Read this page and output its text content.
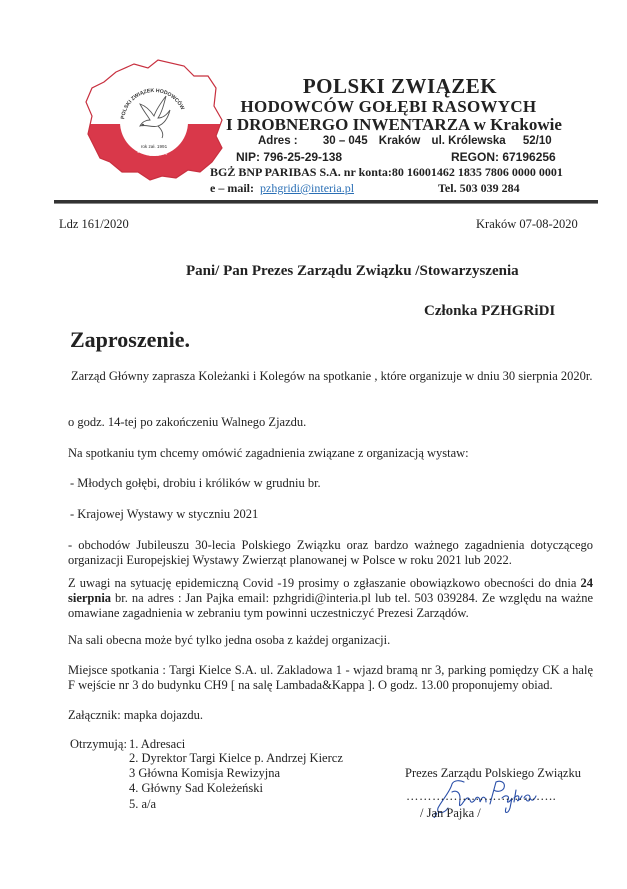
POLSKI ZWIĄZEK HODOWCÓW
Gołębi Rasowych i Drobnego Inwentarza
rok zał. 1991
POLSKI ZWIĄZEK
HODOWCÓW GOŁĘBI RASOWYCH
I DROBNERGO INWENTARZA w Krakowie
Adres : 30 – 045 Kraków ul. Królewska 52/10
NIP: 796-25-29-138	REGON: 67196256
BGŻ BNP PARIBAS S.A. nr konta:80 16001462 1835 7806 0000 0001
e – mail: pzhgridi@interia.pl	Tel. 503 039 284
Ldz 161/2020	Kraków 07-08-2020
Pani/ Pan Prezes Zarządu Związku /Stowarzyszenia
Członka PZHGRiDI
Zaproszenie.
Zarząd Główny zaprasza Koleżanki i Kolegów na spotkanie , które organizuje w dniu 30 sierpnia 2020r.
o godz. 14-tej po zakończeniu Walnego Zjazdu.
Na spotkaniu tym chcemy omówić zagadnienia związane z organizacją wystaw:
- Młodych gołębi, drobiu i królików w grudniu br.
- Krajowej Wystawy w styczniu 2021
- obchodów Jubileuszu 30-lecia Polskiego Związku oraz bardzo ważnego zagadnienia dotyczącego organizacji Europejskiej Wystawy Zwierząt planowanej w Polsce w roku 2021 lub 2022.
Z uwagi na sytuację epidemiczną Covid -19 prosimy o zgłaszanie obowiązkowo obecności do dnia 24 sierpnia br. na adres : Jan Pajka email: pzhgridi@interia.pl lub tel. 503 039284. Ze względu na ważne omawiane zagadnienia w zebraniu tym powinni uczestniczyć Prezesi Zarządów.
Na sali obecna może być tylko jedna osoba z każdej organizacji.
Miejsce spotkania : Targi Kielce S.A. ul. Zakladowa 1 - wjazd bramą nr 3, parking pomiędzy CK a halę F wejście nr 3 do budynku CH9 [ na salę Lambada&Kappa ]. O godz. 13.00 proponujemy obiad.
Załącznik: mapka dojazdu.
Otrzymują: 1. Adresaci
2. Dyrektor Targi Kielce p. Andrzej Kiercz
3 Główna Komisja Rewizyjna
4. Główny Sad Koleżeński
5. a/a
Prezes Zarządu Polskiego Związku
……………………………..
/ Jan Pajka /
